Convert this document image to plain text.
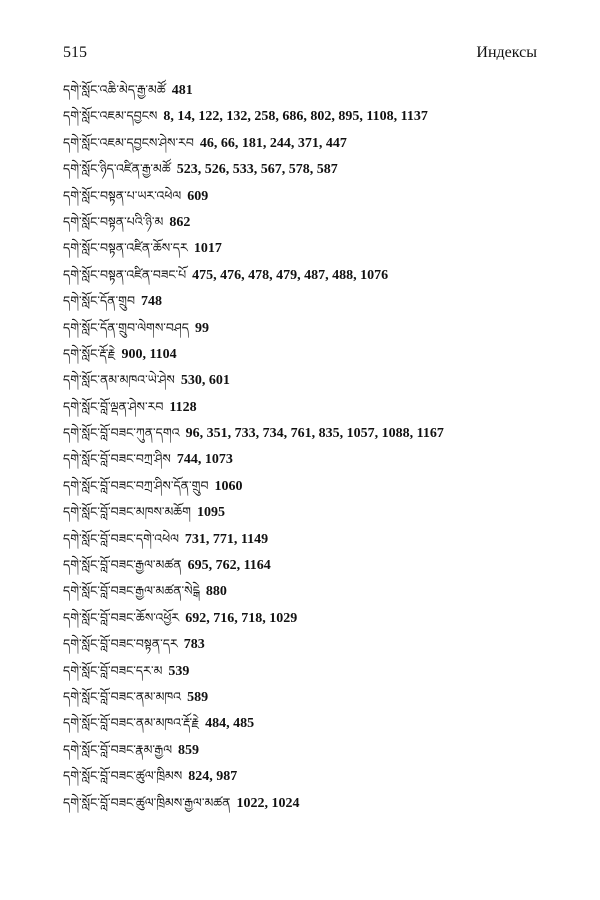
515	Индексы
དགེ་སློང་འཆི་མེད་རྒྱ་མཚོ 481
དགེ་སློང་འཇམ་དབྱངས 8, 14, 122, 132, 258, 686, 802, 895, 1108, 1137
དགེ་སློང་འཇམ་དབྱངས་ཤེས་རབ 46, 66, 181, 244, 371, 447
དགེ་སློང་ཉིད་འཛིན་རྒྱ་མཚོ 523, 526, 533, 567, 578, 587
དགེ་སློང་བསྟན་པ་ཡར་འཕེལ 609
དགེ་སློང་བསྟན་པའི་ཉི་མ 862
དགེ་སློང་བསྟན་འཛིན་ཆོས་དར 1017
དགེ་སློང་བསྟན་འཛིན་བཟང་པོ 475, 476, 478, 479, 487, 488, 1076
དགེ་སློང་དོན་གྲུབ 748
དགེ་སློང་དོན་གྲུབ་ལེགས་བཤད 99
དགེ་སློང་རྡོ་རྗེ 900, 1104
དགེ་སློང་ནམ་མཁའ་ཡེ་ཤེས 530, 601
དགེ་སློང་བློ་ལྡན་ཤེས་རབ 1128
དགེ་སློང་བློ་བཟང་ཀུན་དགའ 96, 351, 733, 734, 761, 835, 1057, 1088, 1167
དགེ་སློང་བློ་བཟང་བཀྲ་ཤིས 744, 1073
དགེ་སློང་བློ་བཟང་བཀྲ་ཤིས་དོན་གྲུབ 1060
དགེ་སློང་བློ་བཟང་མཁས་མཆོག 1095
དགེ་སློང་བློ་བཟང་དགེ་འཕེལ 731, 771, 1149
དགེ་སློང་བློ་བཟང་རྒྱལ་མཚན 695, 762, 1164
དགེ་སློང་བློ་བཟང་རྒྱལ་མཚན་སེངྒེ 880
དགེ་སློང་བློ་བཟང་ཆོས་འཕྱོར 692, 716, 718, 1029
དགེ་སློང་བློ་བཟང་བསྟན་དར 783
དགེ་སློང་བློ་བཟང་དར་མ 539
དགེ་སློང་བློ་བཟང་ནམ་མཁའ 589
དགེ་སློང་བློ་བཟང་ནམ་མཁའ་རྡོ་རྗེ 484, 485
དགེ་སློང་བློ་བཟང་རྣམ་རྒྱལ 859
དགེ་སློང་བློ་བཟང་ཚུལ་ཁྲིམས 824, 987
དགེ་སློང་བློ་བཟང་ཚུལ་ཁྲིམས་རྒྱལ་མཚན 1022, 1024
